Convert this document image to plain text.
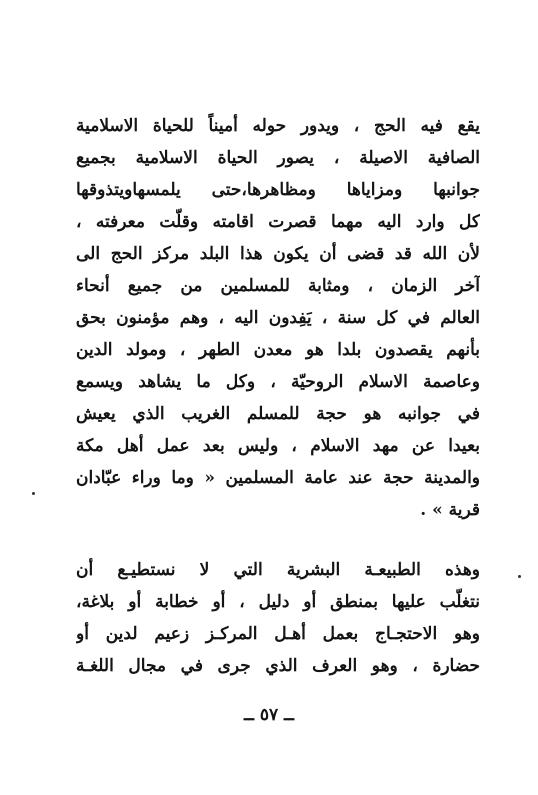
يقع فيه الحج ، ويدور حوله أميناً للحياة الاسلامية
الصافية الاصيلة ، يصور الحياة الاسلامية بجميع
جوانبها ومزاياها ومظاهرها،حتى يلمسهاويتذوقها
كل وارد اليه مهما قصرت اقامته وقلّت معرفته ،
لأن الله قد قضى أن يكون هذا البلد مركز الحج الى
آخر الزمان ، ومثابة للمسلمين من جميع أنحاء
العالم في كل سنة ، يَفِدون اليه ، وهم مؤمنون بحق
بأنهم يقصدون بلدا هو معدن الطهر ، ومولد الدين
وعاصمة الاسلام الروحيّة ، وكل ما يشاهد ويسمع
في جوانبه هو حجة للمسلم الغريب الذي يعيش
بعيدا عن مهد الاسلام ، وليس بعد عمل أهل مكة
والمدينة حجة عند عامة المسلمين « وما وراء عبّادان
قرية » .
وهذه الطبيعـة البشرية التي لا نستطيـع أن
نتغلّب عليها بمنطق أو دليل ، أو خطابة أو بلاغة،
وهو الاحتجـاج بعمل أهـل المركـز زعيم لدين أو
حضارة ، وهو العرف الذي جرى في مجال اللغـة
ــ ٥٧ ــ
